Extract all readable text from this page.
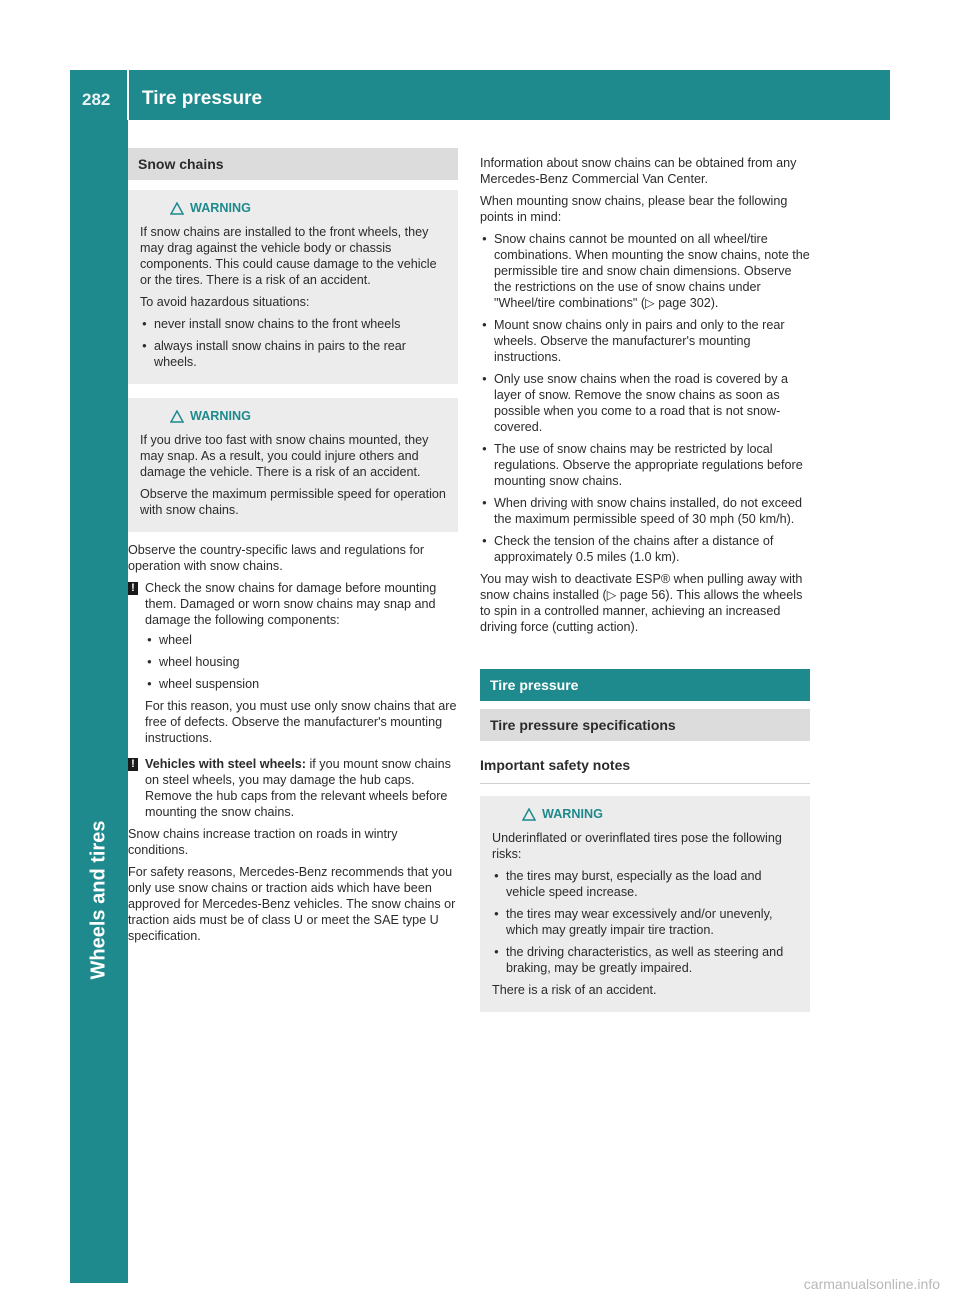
282 Tire pressure
Wheels and tires
Snow chains
WARNING

If snow chains are installed to the front wheels, they may drag against the vehicle body or chassis components. This could cause damage to the vehicle or the tires. There is a risk of an accident.

To avoid hazardous situations:

● never install snow chains to the front wheels
● always install snow chains in pairs to the rear wheels.
WARNING

If you drive too fast with snow chains mounted, they may snap. As a result, you could injure others and damage the vehicle. There is a risk of an accident.

Observe the maximum permissible speed for operation with snow chains.

Observe the country-specific laws and regulations for operation with snow chains.

! Check the snow chains for damage before mounting them. Damaged or worn snow chains may snap and damage the following components:
● wheel
● wheel housing
● wheel suspension
For this reason, you must use only snow chains that are free of defects. Observe the manufacturer's mounting instructions.
! Vehicles with steel wheels: if you mount snow chains on steel wheels, you may damage the hub caps. Remove the hub caps from the relevant wheels before mounting the snow chains.

Snow chains increase traction on roads in wintry conditions.

For safety reasons, Mercedes-Benz recommends that you only use snow chains or traction aids which have been approved for Mercedes-Benz vehicles. The snow chains or traction aids must be of class U or meet the SAE type U specification.

Information about snow chains can be obtained from any Mercedes-Benz Commercial Van Center.

When mounting snow chains, please bear the following points in mind:

● Snow chains cannot be mounted on all wheel/tire combinations. When mounting the snow chains, note the permissible tire and snow chain dimensions. Observe the restrictions on the use of snow chains under "Wheel/tire combinations" (▷ page 302).
● Mount snow chains only in pairs and only to the rear wheels. Observe the manufacturer's mounting instructions.
● Only use snow chains when the road is covered by a layer of snow. Remove the snow chains as soon as possible when you come to a road that is not snow-covered.
● The use of snow chains may be restricted by local regulations. Observe the appropriate regulations before mounting snow chains.
● When driving with snow chains installed, do not exceed the maximum permissible speed of 30 mph (50 km/h).
● Check the tension of the chains after a distance of approximately 0.5 miles (1.0 km).

You may wish to deactivate ESP® when pulling away with snow chains installed (▷ page 56). This allows the wheels to spin in a controlled manner, achieving an increased driving force (cutting action).

Tire pressure
Tire pressure specifications
Important safety notes
WARNING

Underinflated or overinflated tires pose the following risks:

● the tires may burst, especially as the load and vehicle speed increase.
● the tires may wear excessively and/or unevenly, which may greatly impair tire traction.
● the driving characteristics, as well as steering and braking, may be greatly impaired.

There is a risk of an accident.

carmanualsonline.info
